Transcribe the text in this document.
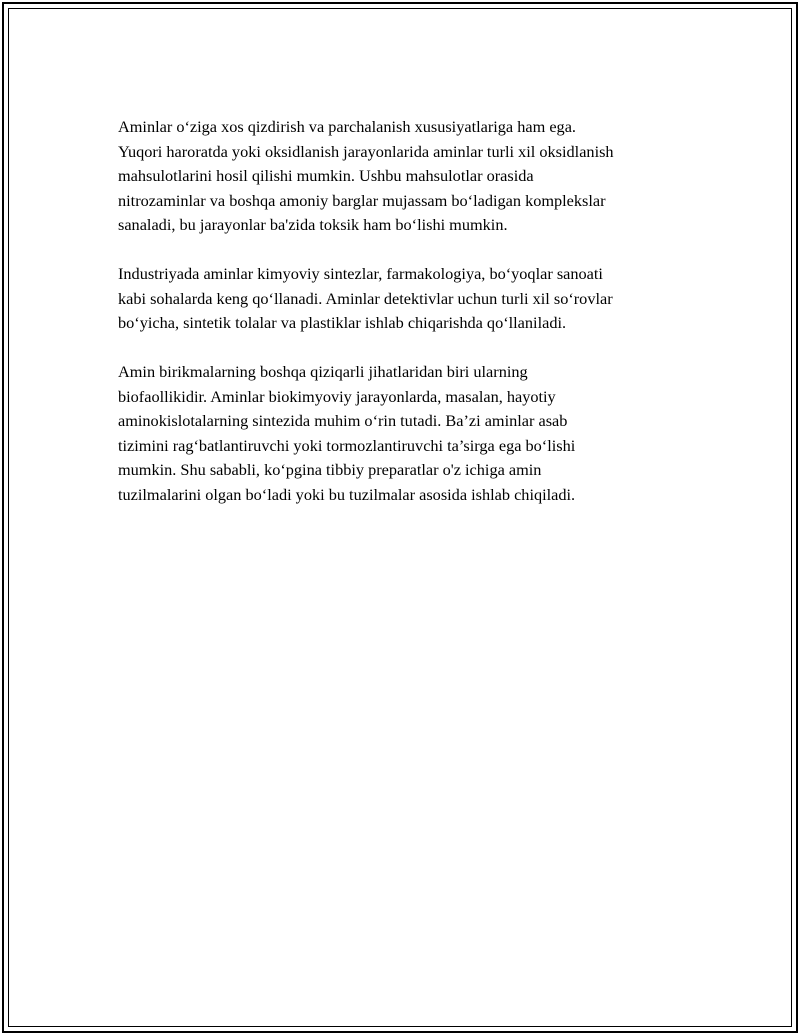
Aminlar o‘ziga xos qizdirish va parchalanish xususiyatlariga ham ega.
Yuqori haroratda yoki oksidlanish jarayonlarida aminlar turli xil oksidlanish
mahsulotlarini hosil qilishi mumkin. Ushbu mahsulotlar orasida
nitrozaminlar va boshqa amoniy barglar mujassam bo‘ladigan komplekslar
sanaladi, bu jarayonlar ba'zida toksik ham bo‘lishi mumkin.

Industriyada aminlar kimyoviy sintezlar, farmakologiya, bo‘yoqlar sanoati
kabi sohalarda keng qo‘llanadi. Aminlar detektivlar uchun turli xil so‘rovlar
bo‘yicha, sintetik tolalar va plastiklar ishlab chiqarishda qo‘llaniladi.

Amin birikmalarning boshqa qiziqarli jihatlaridan biri ularning
biofaollikidir. Aminlar biokimyoviy jarayonlarda, masalan, hayotiy
aminokislotalarning sintezida muhim o‘rin tutadi. Ba’zi aminlar asab
tizimini rag‘batlantiruvchi yoki tormozlantiruvchi ta’sirga ega bo‘lishi
mumkin. Shu sababli, ko‘pgina tibbiy preparatlar o'z ichiga amin
tuzilmalarini olgan bo‘ladi yoki bu tuzilmalar asosida ishlab chiqiladi.
